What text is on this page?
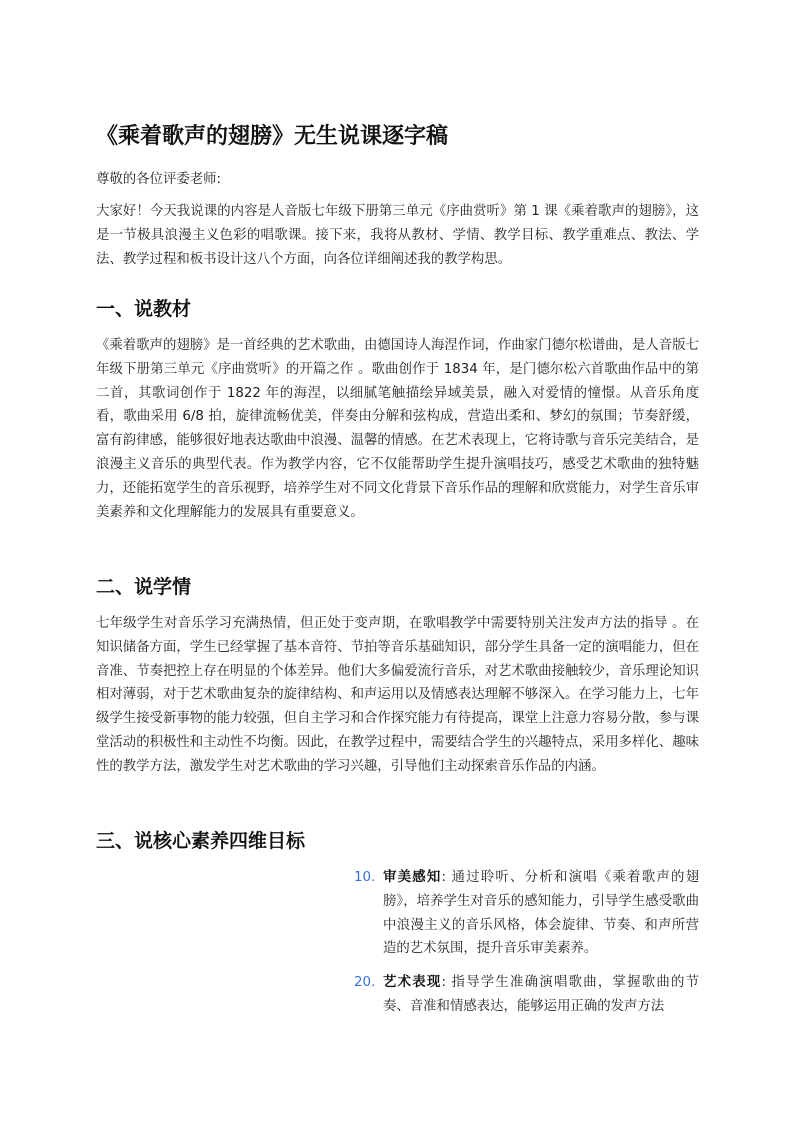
《乘着歌声的翅膀》无生说课逐字稿

尊敬的各位评委老师:

大家好！今天我说课的内容是人音版七年级下册第三单元《序曲赏听》第 1 课《乘着歌声的翅膀》，这是一节极具浪漫主义色彩的唱歌课。接下来，我将从教材、学情、教学目标、教学重难点、教法、学法、教学过程和板书设计这八个方面，向各位详细阐述我的教学构思。

一、说教材

《乘着歌声的翅膀》是一首经典的艺术歌曲，由德国诗人海涅作词，作曲家门德尔松谱曲，是人音版七年级下册第三单元《序曲赏听》的开篇之作 。歌曲创作于 1834 年，是门德尔松六首歌曲作品中的第二首，其歌词创作于 1822 年的海涅，以细腻笔触描绘异域美景，融入对爱情的憧憬。从音乐角度看，歌曲采用 6/8 拍，旋律流畅优美，伴奏由分解和弦构成，营造出柔和、梦幻的氛围；节奏舒缓，富有韵律感，能够很好地表达歌曲中浪漫、温馨的情感。在艺术表现上，它将诗歌与音乐完美结合，是浪漫主义音乐的典型代表。作为教学内容，它不仅能帮助学生提升演唱技巧，感受艺术歌曲的独特魅力，还能拓宽学生的音乐视野，培养学生对不同文化背景下音乐作品的理解和欣赏能力，对学生音乐审美素养和文化理解能力的发展具有重要意义。

二、说学情

七年级学生对音乐学习充满热情，但正处于变声期，在歌唱教学中需要特别关注发声方法的指导 。在知识储备方面，学生已经掌握了基本音符、节拍等音乐基础知识，部分学生具备一定的演唱能力，但在音准、节奏把控上存在明显的个体差异。他们大多偏爱流行音乐，对艺术歌曲接触较少，音乐理论知识相对薄弱，对于艺术歌曲复杂的旋律结构、和声运用以及情感表达理解不够深入。在学习能力上，七年级学生接受新事物的能力较强，但自主学习和合作探究能力有待提高，课堂上注意力容易分散，参与课堂活动的积极性和主动性不均衡。因此，在教学过程中，需要结合学生的兴趣特点，采用多样化、趣味性的教学方法，激发学生对艺术歌曲的学习兴趣，引导他们主动探索音乐作品的内涵。

三、说核心素养四维目标
10. 审美感知: 通过聆听、分析和演唱《乘着歌声的翅膀》，培养学生对音乐的感知能力，引导学生感受歌曲中浪漫主义的音乐风格，体会旋律、节奏、和声所营造的艺术氛围，提升音乐审美素养。
20. 艺术表现: 指导学生准确演唱歌曲，掌握歌曲的节奏、音准和情感表达，能够运用正确的发声方法
